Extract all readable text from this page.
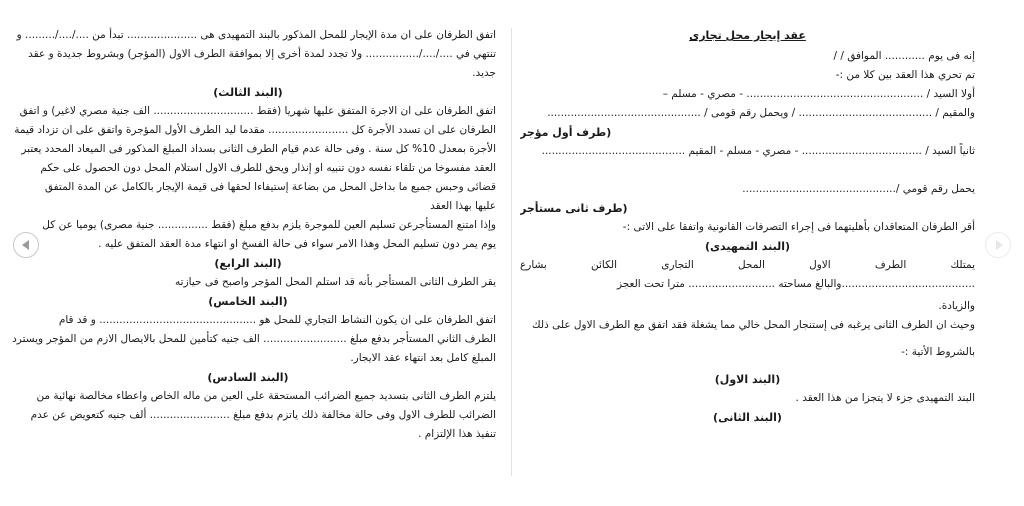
اتفق الطرفان على ان مدة الإيجار للمحل المذكور بالبند التمهيدى هى ..................... تبدأ من ..../..../......... و
تنتهي في ..../..../................ ولا تجدد لمدة أخرى إلا بموافقة الطرف الاول (المؤجر) وبشروط جديدة و عقد
جديد.
(البند الثالث)
اتفق الطرفان على ان الاجرة المتفق عليها شهريا (فقط .............................. الف جنية مصري لاغير) و اتفق
الطرفان على ان تسدد الأجرة كل ........................ مقدما ليد الطرف الأول المؤجرة واتفق على ان تزداد قيمة
الأجرة بمعدل 10% كل سنة . وفى حالة عدم قيام الطرف الثانى بسداد المبلغ المذكور فى الميعاد المحدد يعتبر
العقد مفسوخا من تلقاء نفسه دون تنبيه او إنذار ويحق للطرف الاول استلام المحل دون الحصول على حكم
قضائى وحبس جميع ما بداخل المحل من بضاعة إستيفاءا لحقها فى قيمة الإيجار بالكامل عن المدة المتفق
عليها بهذا العقد
وإذا امتنع المستأجرعن تسليم العين للموجرة يلزم بدفع مبلغ (فقط ............... جنية مصرى) يوميا عن كل
يوم يمر دون تسليم المحل وهذا الامر سواء فى حالة الفسخ او انتهاء مدة العقد المتفق عليه .
(البند الرابع)
يقر الطرف الثانى المستأجر بأنه قد استلم المحل المؤجر واصبح فى حيازته
(البند الخامس)
اتفق الطرفان على ان يكون النشاط التجاري للمحل هو ............................................... و قد قام
الطرف الثاني المستأجر بدفع مبلغ ......................... الف جنيه كتأمين للمحل بالايصال الازم من المؤجر ويسترد
المبلغ كامل بعد انتهاء عقد الايجار.
(البند السادس)
يلتزم الطرف الثانى بتسديد جميع الضرائب المستحقة على العين من ماله الخاص واعطاء مخالصة نهائية من
الضرائب للطرف الاول وفى حالة مخالفة ذلك ياتزم بدفع مبلغ ........................ ألف جنيه كتعويض عن عدم
تنفيذ هذا الإلتزام .
عقد إيجار محل تجارى
إنه فى يوم ............ الموافق / /
تم تحري هذا العقد بين كلا من :-
أولا السيد / ..................................................... - مصري - مسلم –
والمقيم / ........................................ / ويحمل رقم قومى / ..............................................
(طرف أول مؤجر
ثانياً السيد / .................................... - مصري - مسلم - المقيم ...........................................
يحمل رقم قومي /..............................................
(طرف ثانى مستأجر
أقر الطرفان المتعاقدان بأهليتهما فى إجراء التصرفات القانونية واتفقا على الاتى :-
(البند التمهيدى)
يمتلك
الطرف
الاول
المحل
التجارى
الكائن
بشارع
........................................والبالغ مساحته .......................... مترا تحت العجز
والزيادة.
وحيث ان الطرف الثانى يرغبه فى إستنجار المحل خالي مما يشغلة فقد اتفق مع الطرف الاول على ذلك
بالشروط الأتية :-
(البند الاول)
البند التمهيدى جزء لا يتجزا من هذا العقد .
(البند الثانى)
